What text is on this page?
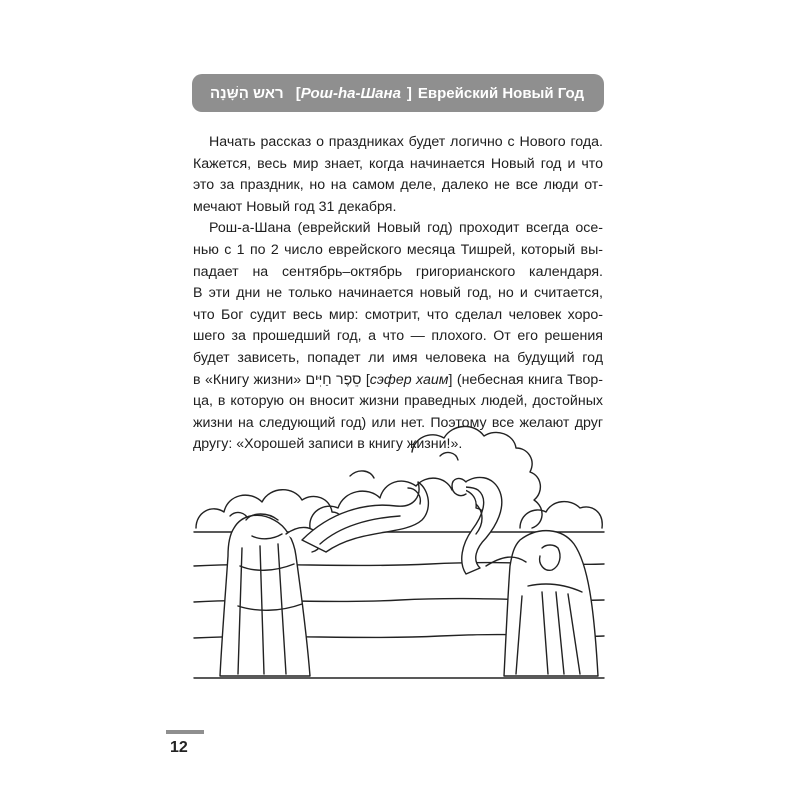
ראש הַשָּׁנָה [Рош-hа-Шана ] Еврейский Новый Год
Начать рассказ о праздниках будет логично с Нового года.
Кажется, весь мир знает, когда начинается Новый год и что
это за праздник, но на самом деле, далеко не все люди от-
мечают Новый год 31 декабря.
Рош-а-Шана (еврейский Новый год) проходит всегда осе-
нью с 1 по 2 число еврейского месяца Тишрей, который вы-
падает на сентябрь–октябрь григорианского календаря.
В эти дни не только начинается новый год, но и считается,
что Бог судит весь мир: смотрит, что сделал человек хоро-
шего за прошедший год, а что — плохого. От его решения
будет зависеть, попадет ли имя человека на будущий год
в «Книгу жизни» סֵפֶר חַיִּים [сэфер хаим] (небесная книга Твор-
ца, в которую он вносит жизни праведных людей, достойных
жизни на следующий год) или нет. Поэтому все желают друг
другу: «Хорошей записи в книгу жизни!».
12
